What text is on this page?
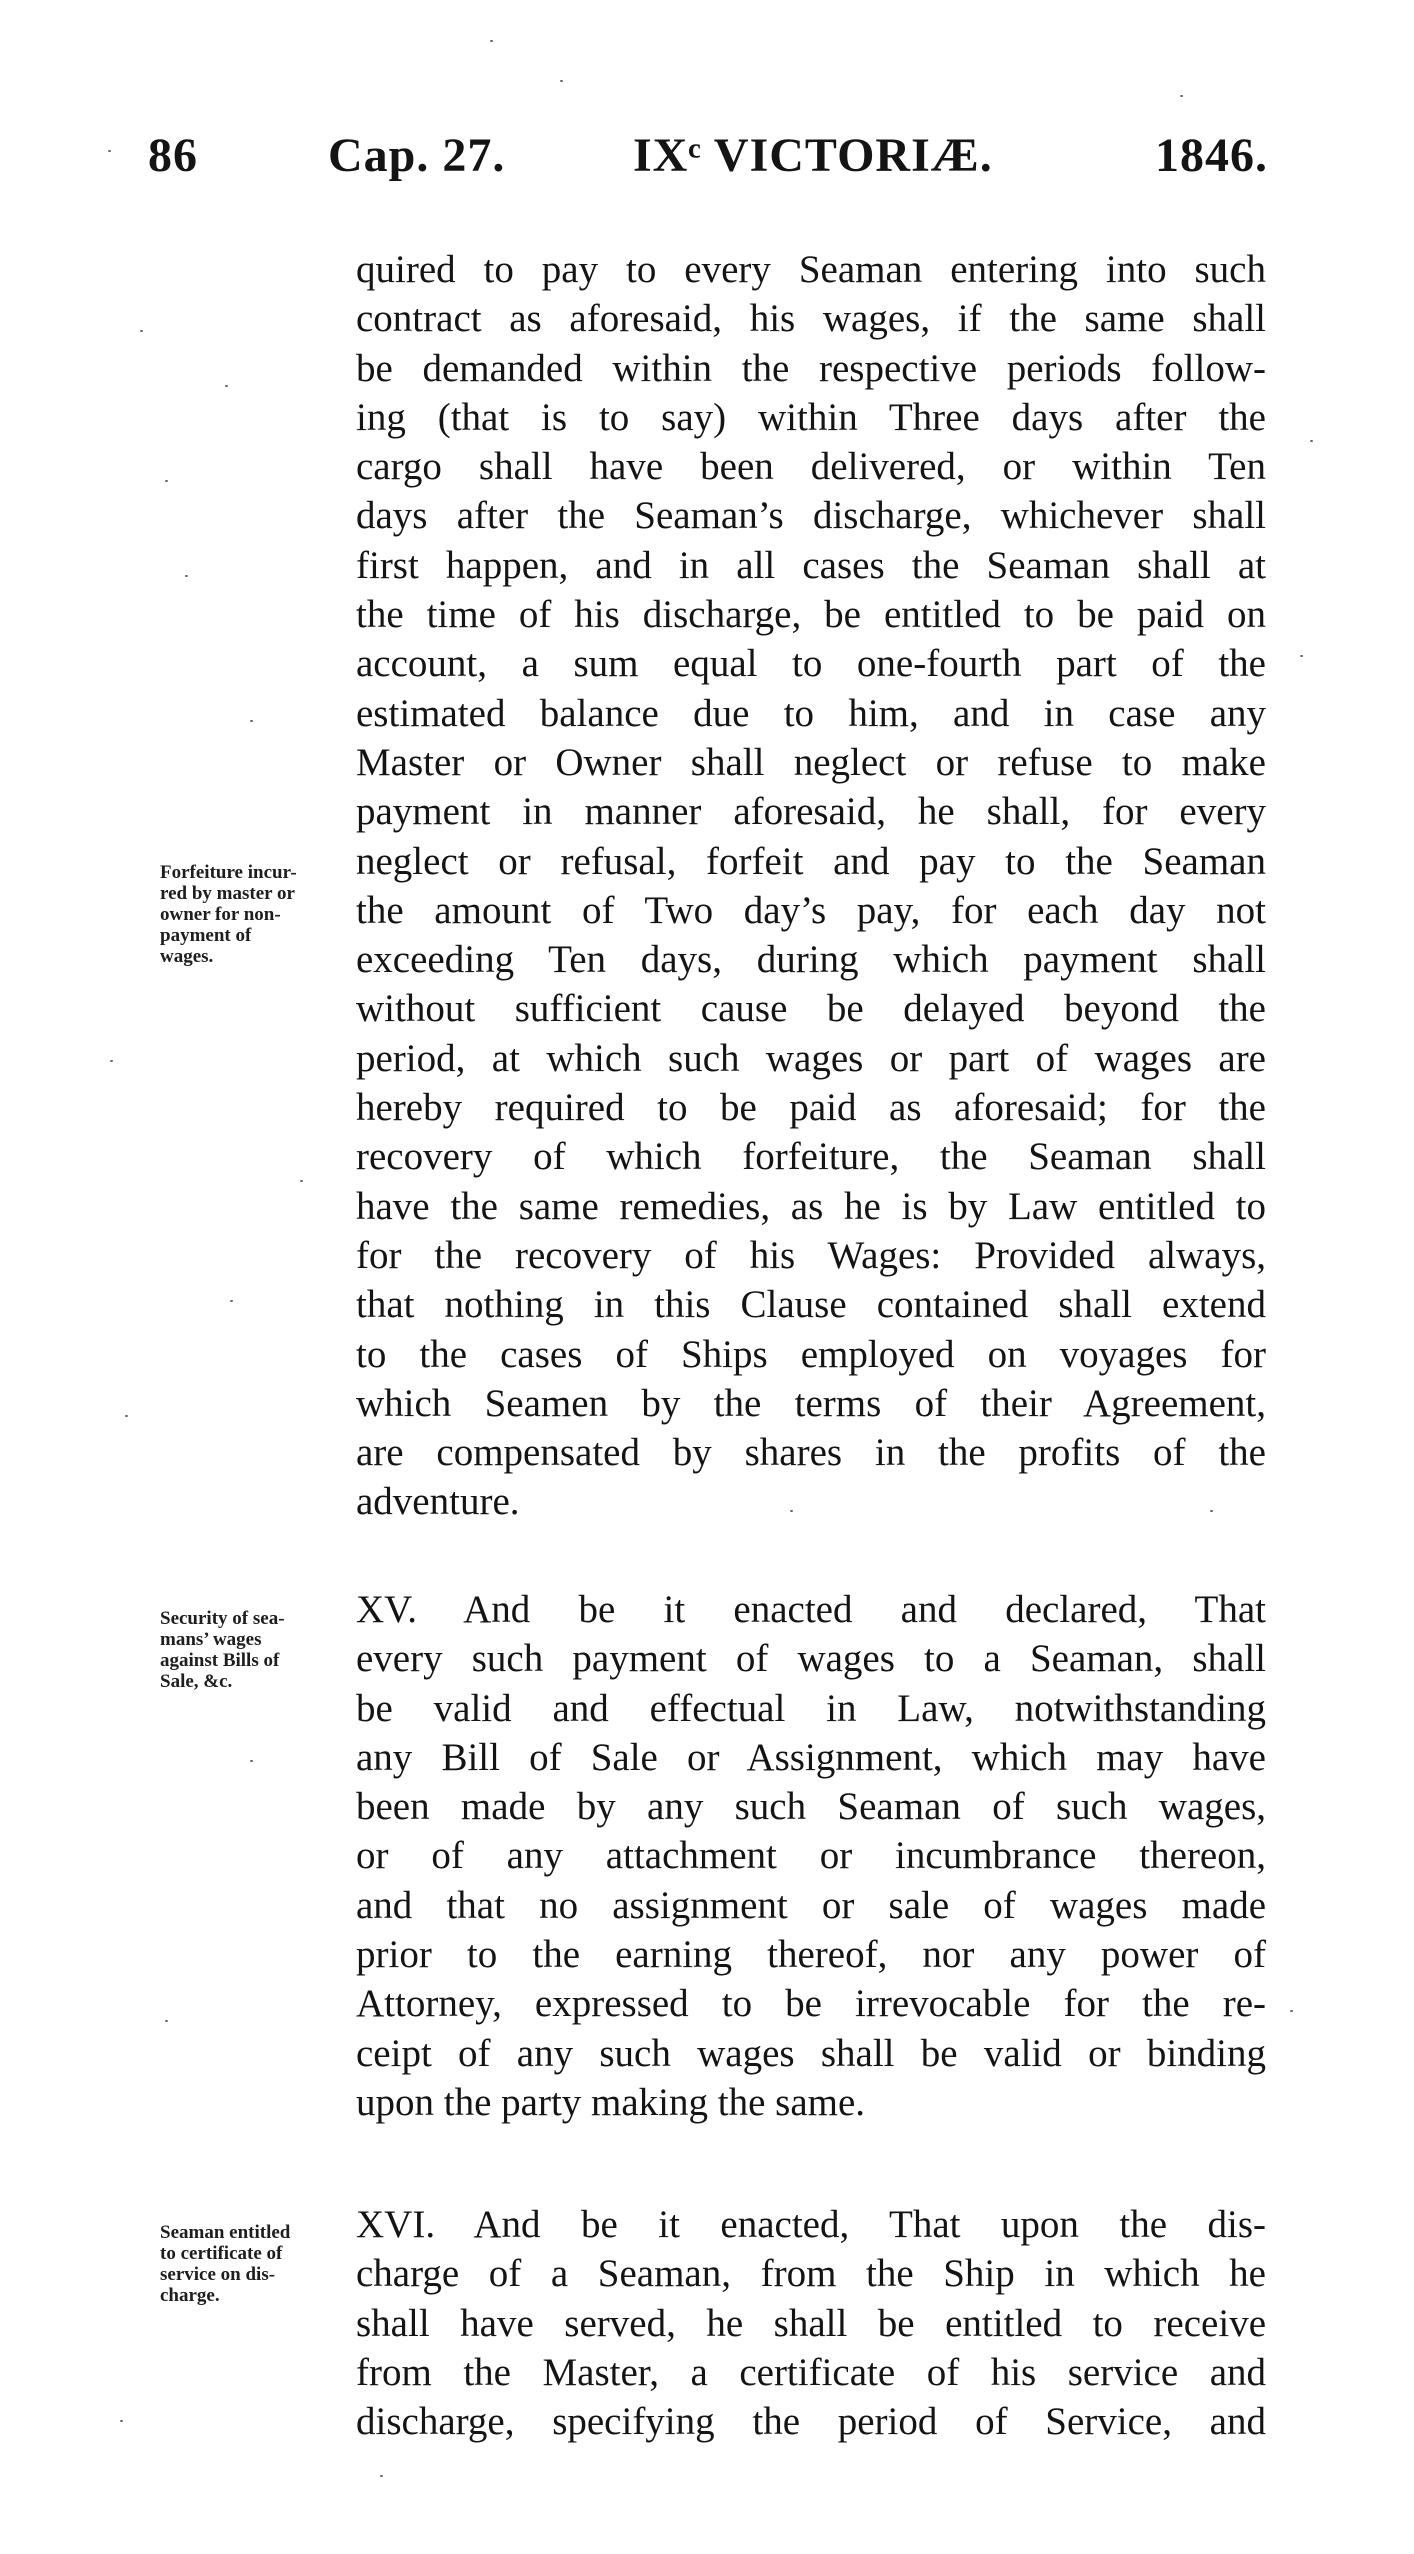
86	Cap. 27.	IXᶜ VICTORIÆ.	1846.
quired to pay to every Seaman entering into such
contract as aforesaid, his wages, if the same shall
be demanded within the respective periods follow-
ing (that is to say) within Three days after the
cargo shall have been delivered, or within Ten
days after the Seaman’s discharge, whichever shall
first happen, and in all cases the Seaman shall at
the time of his discharge, be entitled to be paid on
account, a sum equal to one-fourth part of the
estimated balance due to him, and in case any
Master or Owner shall neglect or refuse to make
payment in manner aforesaid, he shall, for every
neglect or refusal, forfeit and pay to the Seaman
the amount of Two day’s pay, for each day not
exceeding Ten days, during which payment shall
without sufficient cause be delayed beyond the
period, at which such wages or part of wages are
hereby required to be paid as aforesaid; for the
recovery of which forfeiture, the Seaman shall
have the same remedies, as he is by Law entitled to
for the recovery of his Wages: Provided always,
that nothing in this Clause contained shall extend
to the cases of Ships employed on voyages for
which Seamen by the terms of their Agreement,
are compensated by shares in the profits of the
adventure.
Forfeiture incur-
red by master or
owner for non-
payment of
wages.
XV. And be it enacted and declared, That
every such payment of wages to a Seaman, shall
be valid and effectual in Law, notwithstanding
any Bill of Sale or Assignment, which may have
been made by any such Seaman of such wages,
or of any attachment or incumbrance thereon,
and that no assignment or sale of wages made
prior to the earning thereof, nor any power of
Attorney, expressed to be irrevocable for the re-
ceipt of any such wages shall be valid or binding
upon the party making the same.
Security of sea-
mans’ wages
against Bills of
Sale, &c.
XVI. And be it enacted, That upon the dis-
charge of a Seaman, from the Ship in which he
shall have served, he shall be entitled to receive
from the Master, a certificate of his service and
discharge, specifying the period of Service, and
Seaman entitled
to certificate of
service on dis-
charge.
